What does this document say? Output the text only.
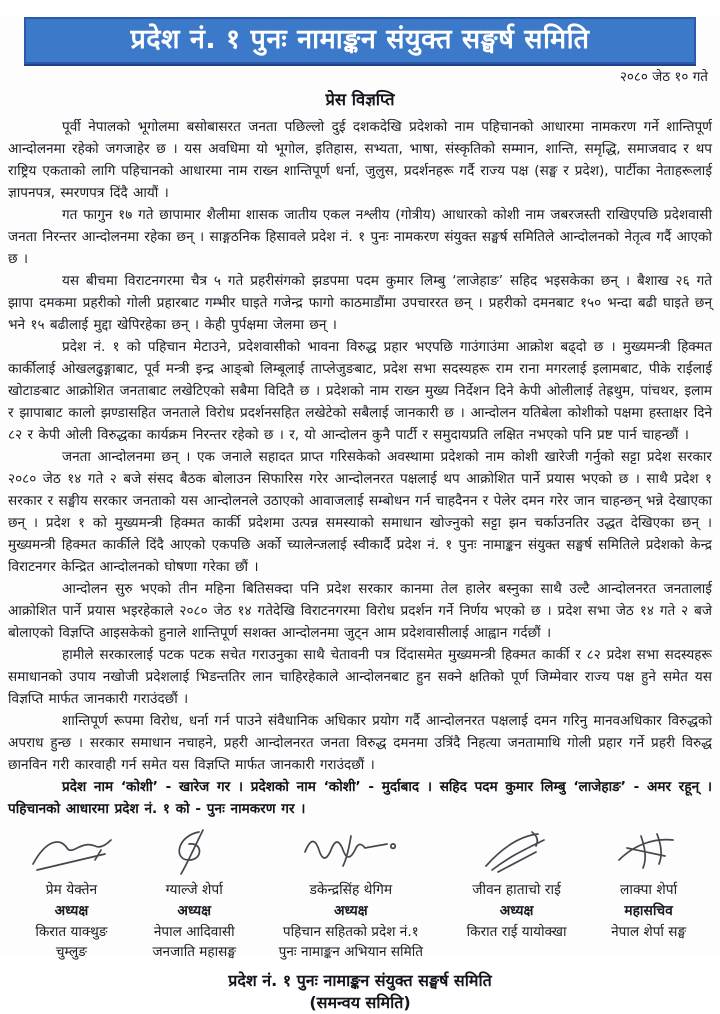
प्रदेश नं. १ पुनः नामाङ्कन संयुक्त सङ्घर्ष समिति
२०८० जेठ १० गते
प्रेस विज्ञप्ति

पूर्वी नेपालको भूगोलमा बसोबासरत जनता पछिल्लो दुई दशकदेखि प्रदेशको नाम पहिचानको आधारमा नामकरण गर्ने शान्तिपूर्ण आन्दोलनमा रहेको जगजाहेर छ । यस अवधिमा यो भूगोल, इतिहास, सभ्यता, भाषा, संस्कृतिको सम्मान, शान्ति, समृद्धि, समाजवाद र थप राष्ट्रिय एकताको लागि पहिचानको आधारमा नाम राख्न शान्तिपूर्ण धर्ना, जुलुस, प्रदर्शनहरू गर्दै राज्य पक्ष (सङ्घ र प्रदेश), पार्टीका नेताहरूलाई ज्ञापनपत्र, स्मरणपत्र दिंदै आयौं ।

गत फागुन १७ गते छापामार शैलीमा शासक जातीय एकल नश्लीय (गोत्रीय) आधारको कोशी नाम जबरजस्ती राखिएपछि प्रदेशवासी जनता निरन्तर आन्दोलनमा रहेका छन् । साङ्गठनिक हिसावले प्रदेश नं. १ पुनः नामकरण संयुक्त सङ्घर्ष समितिले आन्दोलनको नेतृत्व गर्दै आएको छ ।

यस बीचमा विराटनगरमा चैत्र ५ गते प्रहरीसंगको झडपमा पदम कुमार लिम्बु ‘लाजेहाङ’ सहिद भइसकेका छन् । बैशाख २६ गते झापा दमकमा प्रहरीको गोली प्रहारबाट गम्भीर घाइते गजेन्द्र फागो काठमाडौंमा उपचाररत छन् । प्रहरीको दमनबाट १५० भन्दा बढी घाइते छन् भने १५ बढीलाई मुद्दा खेपिरहेका छन् । केही पुर्पक्षमा जेलमा छन् ।

प्रदेश नं. १ को पहिचान मेटाउने, प्रदेशवासीको भावना विरुद्ध प्रहार भएपछि गाउंगाउंमा आक्रोश बढ्दो छ । मुख्यमन्त्री हिक्मत कार्कीलाई ओखलढुङ्गाबाट, पूर्व मन्त्री इन्द्र आङ्बो लिम्बूलाई ताप्लेजुङबाट, प्रदेश सभा सदस्यहरू राम राना मगरलाई इलामबाट, पीके राईलाई खोटाङबाट आक्रोशित जनताबाट लखेटिएको सबैमा विदितै छ । प्रदेशको नाम राख्न मुख्य निर्देशन दिने केपी ओलीलाई तेह्रथुम, पांचथर, इलाम र झापाबाट कालो झण्डासहित जनताले विरोध प्रदर्शनसहित लखेटेको सबैलाई जानकारी छ । आन्दोलन यतिबेला कोशीको पक्षमा हस्ताक्षर दिने ८२ र केपी ओली विरुद्धका कार्यक्रम निरन्तर रहेको छ । र, यो आन्दोलन कुनै पार्टी र समुदायप्रति लक्षित नभएको पनि प्रष्ट पार्न चाहन्छौं ।

जनता आन्दोलनमा छन् । एक जनाले सहादत प्राप्त गरिसकेको अवस्थामा प्रदेशको नाम कोशी खारेजी गर्नुको सट्टा प्रदेश सरकार २०८० जेठ १४ गते २ बजे संसद बैठक बोलाउन सिफारिस गरेर आन्दोलनरत पक्षलाई थप आक्रोशित पार्ने प्रयास भएको छ । साथै प्रदेश १ सरकार र सङ्घीय सरकार जनताको यस आन्दोलनले उठाएको आवाजलाई सम्बोधन गर्न चाहदैनन र पेलेर दमन गरेर जान चाहन्छन् भन्ने देखाएका छन् । प्रदेश १ को मुख्यमन्त्री हिक्मत कार्की प्रदेशमा उत्पन्न समस्याको समाधान खोज्नुको सट्टा झन चर्काउनतिर उद्धत देखिएका छन् । मुख्यमन्त्री हिक्मत कार्कीले दिंदै आएको एकपछि अर्को च्यालेन्जलाई स्वीकार्दै प्रदेश नं. १ पुनः नामाङ्कन संयुक्त सङ्घर्ष समितिले प्रदेशको केन्द्र विराटनगर केन्द्रित आन्दोलनको घोषणा गरेका छौं ।

आन्दोलन सुरु भएको तीन महिना बितिसक्दा पनि प्रदेश सरकार कानमा तेल हालेर बस्नुका साथै उल्टै आन्दोलनरत जनतालाई आक्रोशित पार्ने प्रयास भइरहेकाले २०८० जेठ १४ गतेदेखि विराटनगरमा विरोध प्रदर्शन गर्ने निर्णय भएको छ । प्रदेश सभा जेठ १४ गते २ बजे बोलाएको विज्ञप्ति आइसकेको हुनाले शान्तिपूर्ण सशक्त आन्दोलनमा जुट्न आम प्रदेशवासीलाई आह्वान गर्दछौं ।

हामीले सरकारलाई पटक पटक सचेत गराउनुका साथै चेतावनी पत्र दिंदासमेत मुख्यमन्त्री हिक्मत कार्की र ८२ प्रदेश सभा सदस्यहरू समाधानको उपाय नखोजी प्रदेशलाई भिडन्ततिर लान चाहिरहेकाले आन्दोलनबाट हुन सक्ने क्षतिको पूर्ण जिम्मेवार राज्य पक्ष हुने समेत यस विज्ञप्ति मार्फत जानकारी गराउंदछौं ।

शान्तिपूर्ण रूपमा विरोध, धर्ना गर्न पाउने संवैधानिक अधिकार प्रयोग गर्दै आन्दोलनरत पक्षलाई दमन गरिनु मानवअधिकार विरुद्धको अपराध हुन्छ । सरकार समाधान नचाहने, प्रहरी आन्दोलनरत जनता विरुद्ध दमनमा उत्रिंदै निहत्या जनतामाथि गोली प्रहार गर्ने प्रहरी विरुद्ध छानविन गरी कारवाही गर्न समेत यस विज्ञप्ति मार्फत जानकारी गराउंदछौं ।

प्रदेश नाम ‘कोशी’ - खारेज गर । प्रदेशको नाम ‘कोशी’ - मुर्दाबाद । सहिद पदम कुमार लिम्बु ‘लाजेहाङ’ - अमर रहून् । पहिचानको आधारमा प्रदेश नं. १ को - पुनः नामकरण गर ।

प्रेम येक्तेन
अध्यक्ष
किरात याक्थुङ
चुम्लुङ
ग्याल्जे शेर्पा
अध्यक्ष
नेपाल आदिवासी
जनजाति महासङ्घ
डकेन्द्रसिंह थेगिम
अध्यक्ष
पहिचान सहितको प्रदेश नं.१
पुनः नामाङ्कन अभियान समिति
जीवन हाताचो राई
अध्यक्ष
किरात राई यायोक्खा
लाक्पा शेर्पा
महासचिव
नेपाल शेर्पा सङ्घ
प्रदेश नं. १ पुनः नामाङ्कन संयुक्त सङ्घर्ष समिति
(समन्वय समिति)
